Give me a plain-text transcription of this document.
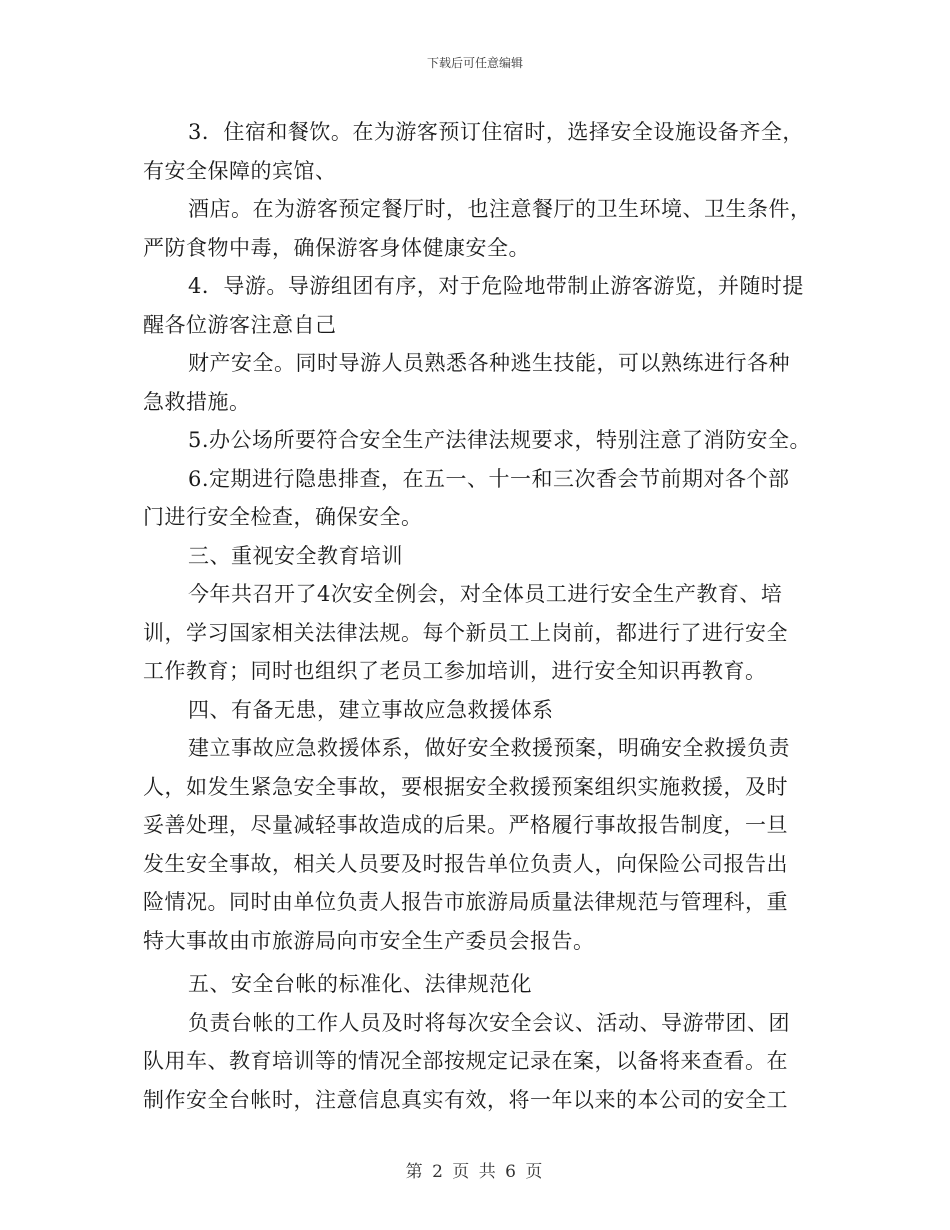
下载后可任意编辑

3．住宿和餐饮。在为游客预订住宿时，选择安全设施设备齐全，

有安全保障的宾馆、

酒店。在为游客预定餐厅时，也注意餐厅的卫生环境、卫生条件，

严防食物中毒，确保游客身体健康安全。

4．导游。导游组团有序，对于危险地带制止游客游览，并随时提

醒各位游客注意自己

财产安全。同时导游人员熟悉各种逃生技能，可以熟练进行各种

急救措施。

5.办公场所要符合安全生产法律法规要求，特别注意了消防安全。

6.定期进行隐患排查，在五一、十一和三次香会节前期对各个部

门进行安全检查，确保安全。

三、重视安全教育培训

今年共召开了4次安全例会，对全体员工进行安全生产教育、培

训，学习国家相关法律法规。每个新员工上岗前，都进行了进行安全

工作教育；同时也组织了老员工参加培训，进行安全知识再教育。

四、有备无患，建立事故应急救援体系

建立事故应急救援体系，做好安全救援预案，明确安全救援负责

人，如发生紧急安全事故，要根据安全救援预案组织实施救援，及时

妥善处理，尽量减轻事故造成的后果。严格履行事故报告制度，一旦

发生安全事故，相关人员要及时报告单位负责人，向保险公司报告出

险情况。同时由单位负责人报告市旅游局质量法律规范与管理科，重

特大事故由市旅游局向市安全生产委员会报告。

五、安全台帐的标准化、法律规范化

负责台帐的工作人员及时将每次安全会议、活动、导游带团、团

队用车、教育培训等的情况全部按规定记录在案，以备将来查看。在

制作安全台帐时，注意信息真实有效，将一年以来的本公司的安全工

第 2 页 共 6 页
